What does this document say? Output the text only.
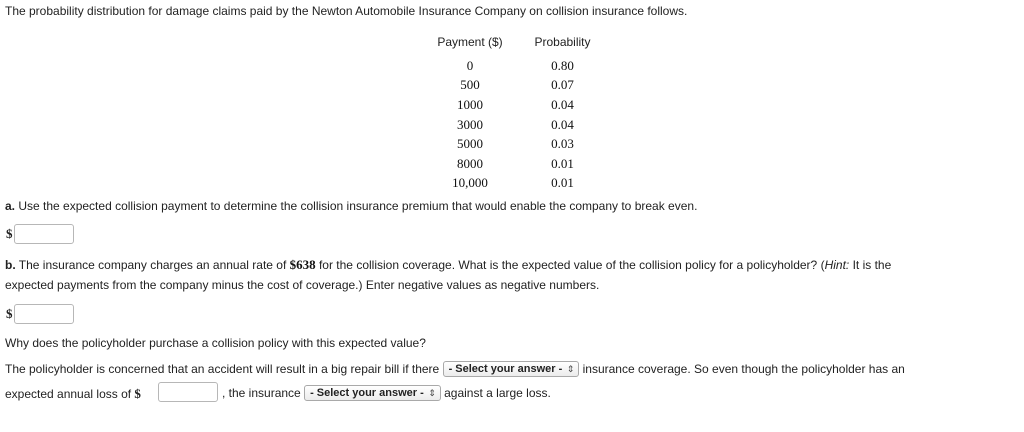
The probability distribution for damage claims paid by the Newton Automobile Insurance Company on collision insurance follows.
Payment ($)		Probability
0		0.80
500		0.07
1000		0.04
3000		0.04
5000		0.03
8000		0.01
10,000		0.01
a. Use the expected collision payment to determine the collision insurance premium that would enable the company to break even.
$
b. The insurance company charges an annual rate of $638 for the collision coverage. What is the expected value of the collision policy for a policyholder? (Hint: It is the
expected payments from the company minus the cost of coverage.) Enter negative values as negative numbers.
$
Why does the policyholder purchase a collision policy with this expected value?
The policyholder is concerned that an accident will result in a big repair bill if there - Select your answer - ⇕ insurance coverage. So even though the policyholder has an
expected annual loss of $	, the insurance - Select your answer - ⇕ against a large loss.
